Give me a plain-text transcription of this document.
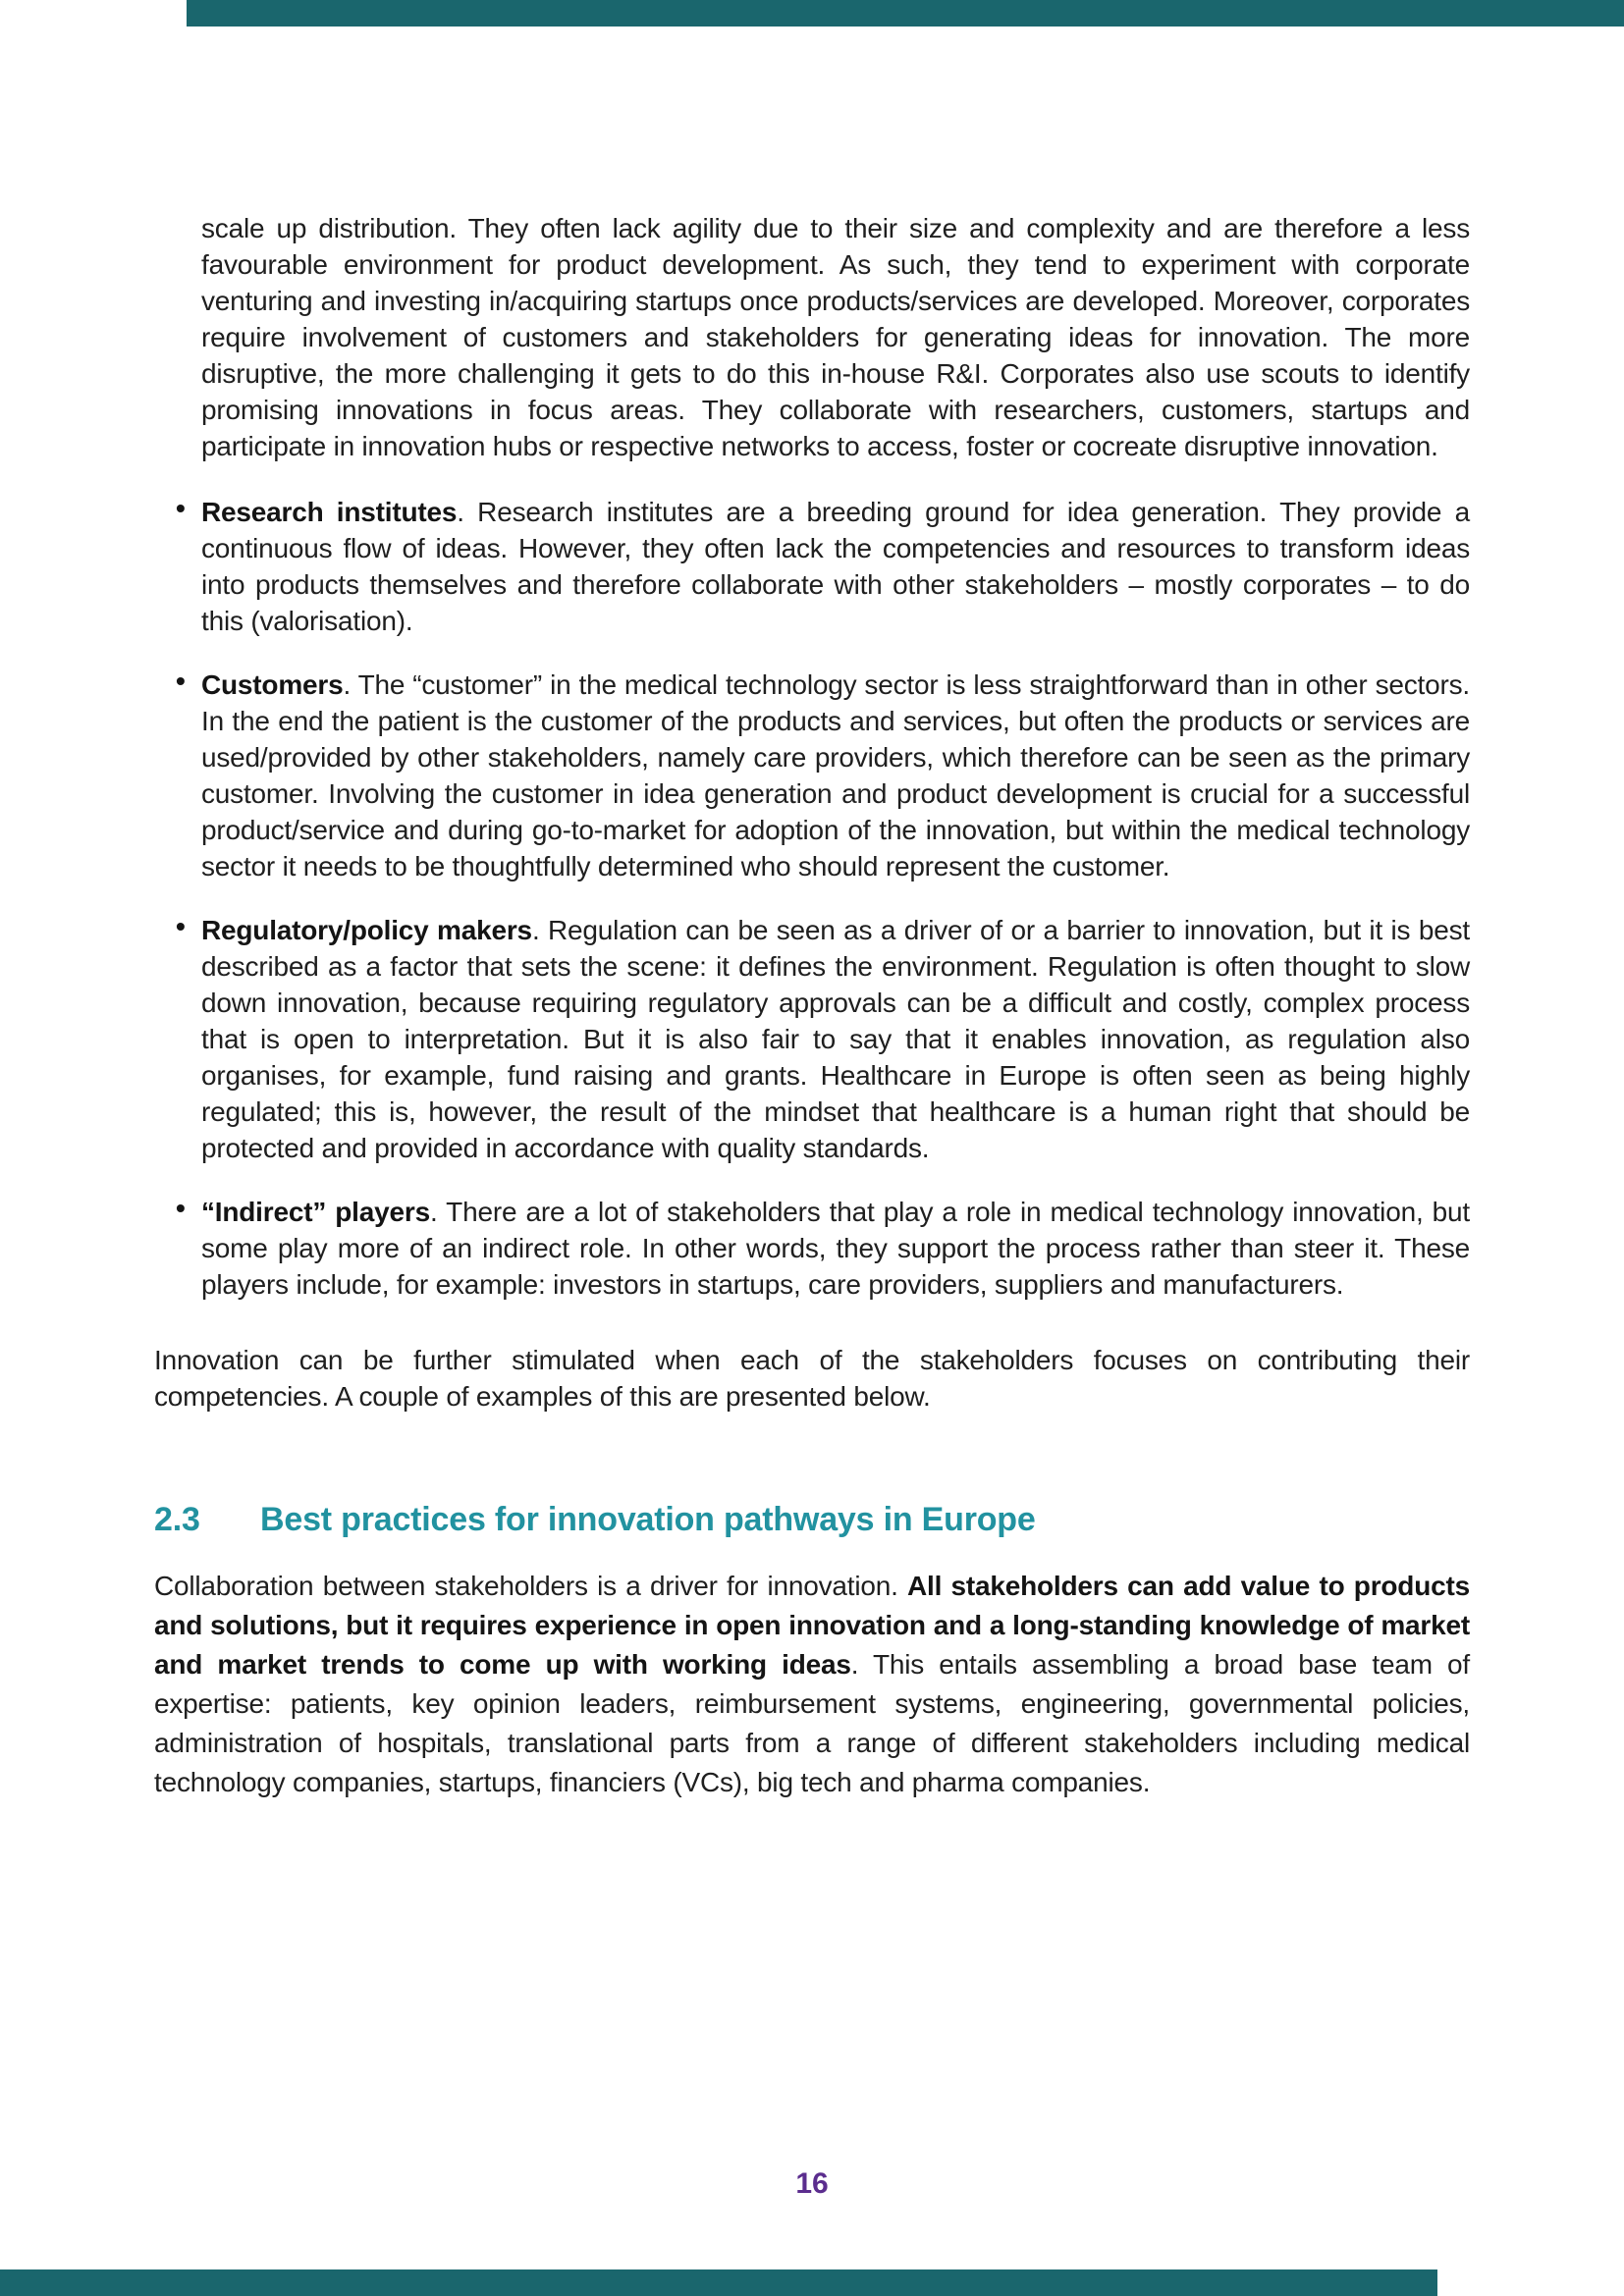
scale up distribution. They often lack agility due to their size and complexity and are therefore a less favourable environment for product development. As such, they tend to experiment with corporate venturing and investing in/acquiring startups once products/services are developed. Moreover, corporates require involvement of customers and stakeholders for generating ideas for innovation. The more disruptive, the more challenging it gets to do this in-house R&I. Corporates also use scouts to identify promising innovations in focus areas. They collaborate with researchers, customers, startups and participate in innovation hubs or respective networks to access, foster or cocreate disruptive innovation.

• Research institutes. Research institutes are a breeding ground for idea generation. They provide a continuous flow of ideas. However, they often lack the competencies and resources to transform ideas into products themselves and therefore collaborate with other stakeholders – mostly corporates – to do this (valorisation).

• Customers. The “customer” in the medical technology sector is less straightforward than in other sectors. In the end the patient is the customer of the products and services, but often the products or services are used/provided by other stakeholders, namely care providers, which therefore can be seen as the primary customer. Involving the customer in idea generation and product development is crucial for a successful product/service and during go-to-market for adoption of the innovation, but within the medical technology sector it needs to be thoughtfully determined who should represent the customer.

• Regulatory/policy makers. Regulation can be seen as a driver of or a barrier to innovation, but it is best described as a factor that sets the scene: it defines the environment. Regulation is often thought to slow down innovation, because requiring regulatory approvals can be a difficult and costly, complex process that is open to interpretation. But it is also fair to say that it enables innovation, as regulation also organises, for example, fund raising and grants. Healthcare in Europe is often seen as being highly regulated; this is, however, the result of the mindset that healthcare is a human right that should be protected and provided in accordance with quality standards.

• “Indirect” players. There are a lot of stakeholders that play a role in medical technology innovation, but some play more of an indirect role. In other words, they support the process rather than steer it. These players include, for example: investors in startups, care providers, suppliers and manufacturers.

Innovation can be further stimulated when each of the stakeholders focuses on contributing their competencies. A couple of examples of this are presented below.

2.3	Best practices for innovation pathways in Europe

Collaboration between stakeholders is a driver for innovation. All stakeholders can add value to products and solutions, but it requires experience in open innovation and a long-standing knowledge of market and market trends to come up with working ideas. This entails assembling a broad base team of expertise: patients, key opinion leaders, reimbursement systems, engineering, governmental policies, administration of hospitals, translational parts from a range of different stakeholders including medical technology companies, startups, financiers (VCs), big tech and pharma companies.

16
